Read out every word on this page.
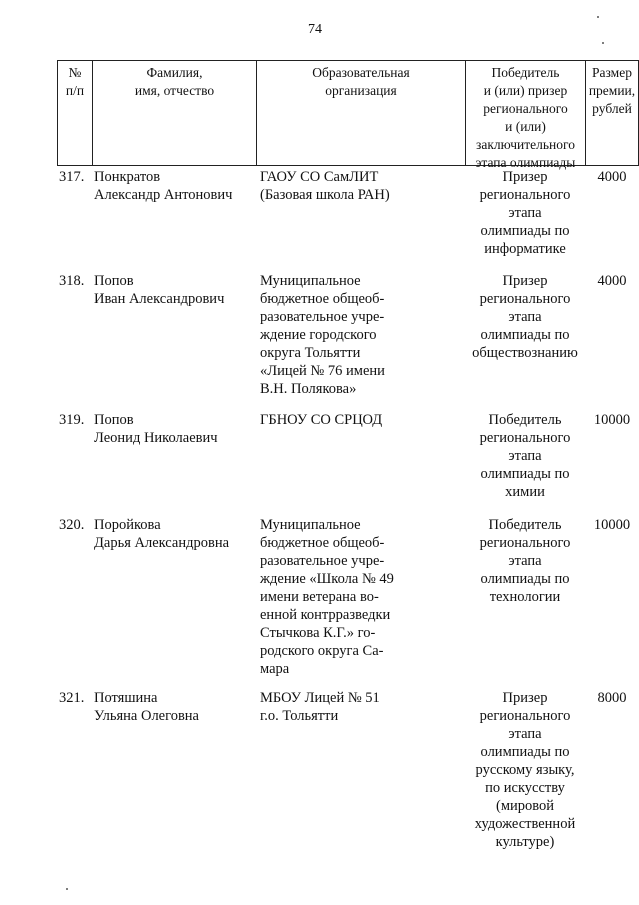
74
№
п/п
Фамилия,
имя, отчество
Образовательная
организация
Победитель
и (или) призер
регионального
и (или)
заключительного
этапа олимпиады
Размер
премии,
рублей
317. Понкратов
Александр Антонович
ГАОУ СО СамЛИТ
(Базовая школа РАН)
Призер
регионального
этапа
олимпиады по
информатике
4000
318. Попов
Иван Александрович
Муниципальное
бюджетное общеоб-
разовательное учре-
ждение городского
округа Тольятти
«Лицей № 76 имени
В.Н. Полякова»
Призер
регионального
этапа
олимпиады по
обществознанию
4000
319. Попов
Леонид Николаевич
ГБНОУ СО СРЦОД	Победитель
регионального
этапа
олимпиады по
химии
10000
320. Поройкова
Дарья Александровна
Муниципальное
бюджетное общеоб-
разовательное учре-
ждение «Школа № 49
имени ветерана во-
енной контрразведки
Стычкова К.Г.» го-
родского округа Са-
мара
Победитель
регионального
этапа
олимпиады по
технологии
10000
321. Потяшина
Ульяна Олеговна
МБОУ Лицей № 51
г.о. Тольятти
Призер
регионального
этапа
олимпиады по
русскому языку,
по искусству
(мировой
художественной
культуре)
8000
